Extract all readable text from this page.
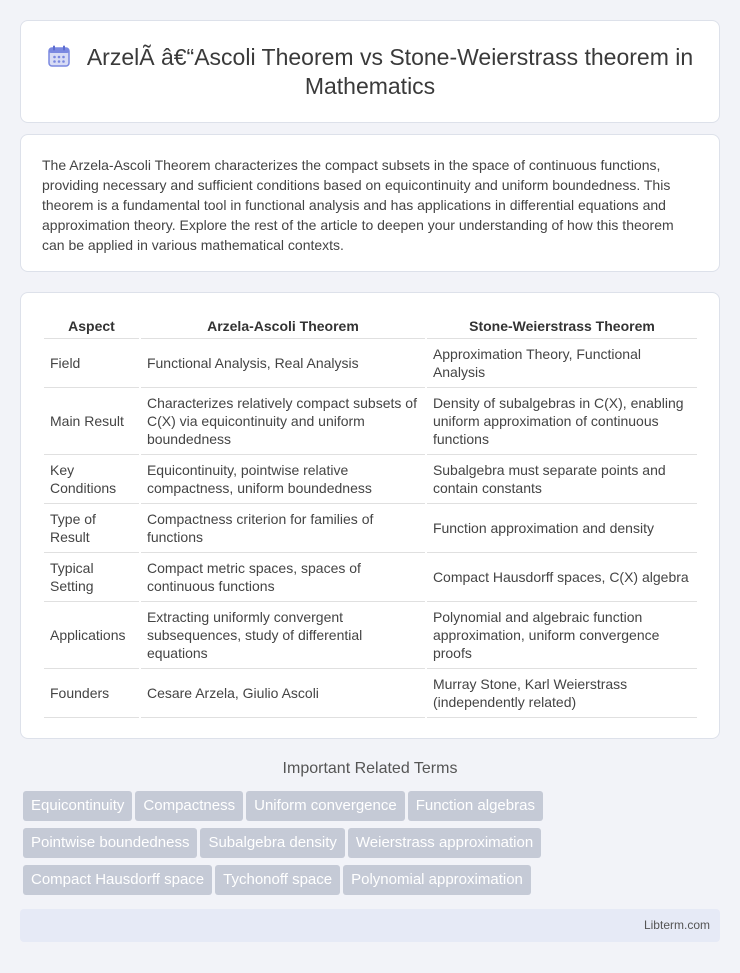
ArzelÃ â€“Ascoli Theorem vs Stone-Weierstrass theorem in Mathematics

The Arzela-Ascoli Theorem characterizes the compact subsets in the space of continuous functions, providing necessary and sufficient conditions based on equicontinuity and uniform boundedness. This theorem is a fundamental tool in functional analysis and has applications in differential equations and approximation theory. Explore the rest of the article to deepen your understanding of how this theorem can be applied in various mathematical contexts.

Aspect	Arzela-Ascoli Theorem	Stone-Weierstrass Theorem
Field	Functional Analysis, Real Analysis	Approximation Theory, Functional Analysis
Main Result	Characterizes relatively compact subsets of C(X) via equicontinuity and uniform boundedness	Density of subalgebras in C(X), enabling uniform approximation of continuous functions
Key Conditions	Equicontinuity, pointwise relative compactness, uniform boundedness	Subalgebra must separate points and contain constants
Type of Result	Compactness criterion for families of functions	Function approximation and density
Typical Setting	Compact metric spaces, spaces of continuous functions	Compact Hausdorff spaces, C(X) algebra
Applications	Extracting uniformly convergent subsequences, study of differential equations	Polynomial and algebraic function approximation, uniform convergence proofs
Founders	Cesare Arzela, Giulio Ascoli	Murray Stone, Karl Weierstrass (independently related)
Important Related Terms
Equicontinuity Compactness Uniform convergence Function algebras
Pointwise boundedness Subalgebra density Weierstrass approximation
Compact Hausdorff space Tychonoff space Polynomial approximation
Libterm.com
